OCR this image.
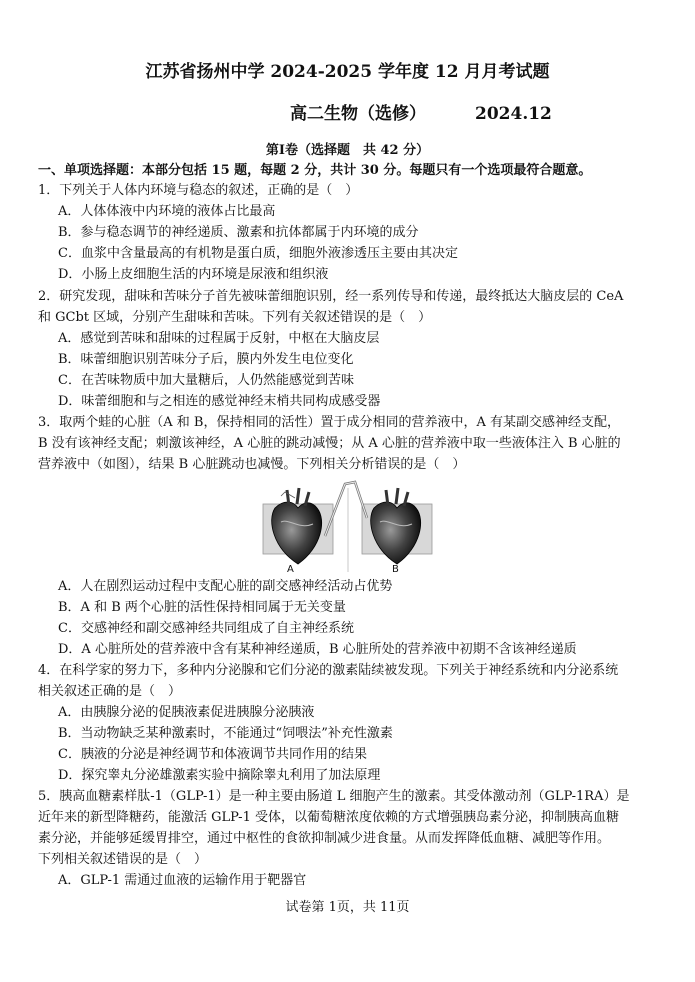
江苏省扬州中学 2024-2025 学年度 12 月月考试题
高二生物（选修）	2024.12
第Ⅰ卷（选择题　共 42 分）
一、单项选择题：本部分包括 15 题，每题 2 分，共计 30 分。每题只有一个选项最符合题意。
1．下列关于人体内环境与稳态的叙述，正确的是（　）
A．人体体液中内环境的液体占比最高
B．参与稳态调节的神经递质、激素和抗体都属于内环境的成分
C．血浆中含量最高的有机物是蛋白质，细胞外液渗透压主要由其决定
D．小肠上皮细胞生活的内环境是尿液和组织液
2．研究发现，甜味和苦味分子首先被味蕾细胞识别，经一系列传导和传递，最终抵达大脑皮层的 CeA
和 GCbt 区域，分别产生甜味和苦味。下列有关叙述错误的是（　）
A．感觉到苦味和甜味的过程属于反射，中枢在大脑皮层
B．味蕾细胞识别苦味分子后，膜内外发生电位变化
C．在苦味物质中加大量糖后，人仍然能感觉到苦味
D．味蕾细胞和与之相连的感觉神经末梢共同构成感受器
3．取两个蛙的心脏（A 和 B，保持相同的活性）置于成分相同的营养液中，A 有某副交感神经支配，
B 没有该神经支配；刺激该神经，A 心脏的跳动减慢；从 A 心脏的营养液中取一些液体注入 B 心脏的
营养液中（如图），结果 B 心脏跳动也减慢。下列相关分析错误的是（　）
A	B
A．人在剧烈运动过程中支配心脏的副交感神经活动占优势
B．A 和 B 两个心脏的活性保持相同属于无关变量
C．交感神经和副交感神经共同组成了自主神经系统
D．A 心脏所处的营养液中含有某种神经递质，B 心脏所处的营养液中初期不含该神经递质
4．在科学家的努力下，多种内分泌腺和它们分泌的激素陆续被发现。下列关于神经系统和内分泌系统
相关叙述正确的是（　）
A．由胰腺分泌的促胰液素促进胰腺分泌胰液
B．当动物缺乏某种激素时，不能通过“饲喂法”补充性激素
C．胰液的分泌是神经调节和体液调节共同作用的结果
D．探究睾丸分泌雄激素实验中摘除睾丸利用了加法原理
5．胰高血糖素样肽-1（GLP-1）是一种主要由肠道 L 细胞产生的激素。其受体激动剂（GLP-1RA）是
近年来的新型降糖药，能激活 GLP-1 受体，以葡萄糖浓度依赖的方式增强胰岛素分泌，抑制胰高血糖
素分泌，并能够延缓胃排空，通过中枢性的食欲抑制减少进食量。从而发挥降低血糖、减肥等作用。
下列相关叙述错误的是（　）
A．GLP-1 需通过血液的运输作用于靶器官
试卷第 1页，共 11页
